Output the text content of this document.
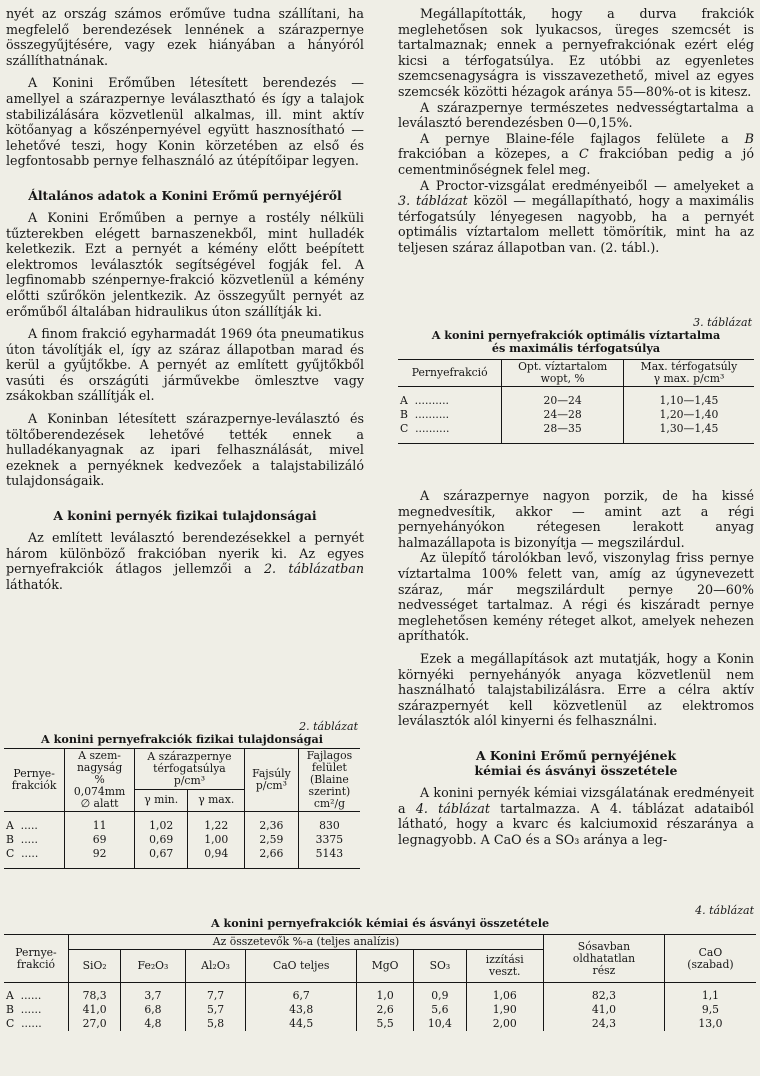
nyét az ország számos erőműve tudna szállítani, ha megfelelő berendezések lennének a szárazpernye összegyűjtésére, vagy ezek hiányában a hányóról szállíthatnának.

A Konini Erőműben létesített berendezés — amellyel a szárazpernye leválasztható és így a talajok stabilizálására közvetlenül alkalmas, ill. mint aktív kötőanyag a kőszénpernyével együtt hasznosítható — lehetővé teszi, hogy Konin körzetében az első és legfontosabb pernye felhasználó az útépítőipar legyen.

Általános adatok a Konini Erőmű pernyéjéről

A Konini Erőműben a pernye a rostély nélküli tűzterekben elégett barnaszenekből, mint hulladék keletkezik. Ezt a pernyét a kémény előtt beépített elektromos leválasztók segítségével fogják fel. A legfinomabb szénpernye-frakció közvetlenül a kémény előtti szűrőkön jelentkezik. Az összegyűlt pernyét az erőműből általában hidraulikus úton szállítják ki.

A finom frakció egyharmadát 1969 óta pneumatikus úton távolítják el, így az száraz állapotban marad és kerül a gyűjtőkbe. A pernyét az említett gyűjtőkből vasúti és országúti járművekbe ömlesztve vagy zsákokban szállítják el.

A Koninban létesített szárazpernye-leválasztó és töltőberendezések lehetővé tették ennek a hulladékanyagnak az ipari felhasználását, mivel ezeknek a pernyéknek kedvezőek a talajstabilizáló tulajdonságaik.

A konini pernyék fizikai tulajdonságai

Az említett leválasztó berendezésekkel a pernyét három különböző frakcióban nyerik ki. Az egyes pernyefrakciók átlagos jellemzői a 2. táblázatban láthatók.

2. táblázat
A konini pernyefrakciók fizikai tulajdonságai
Pernye-
frakciók	A szem-
nagyság
%
0,074mm
∅ alatt	A szárazpernye
térfogatsúlya
p/cm³		Fajsúly
p/cm³	Fajlagos
felület
(Blaine
szerint)
cm²/g

		γ min.	γ max.		
A  .....	11	1,02	1,22	2,36	830
B  .....	69	0,69	1,00	2,59	3375
C  .....	92	0,67	0,94	2,66	5143

Megállapították, hogy a durva frakciók meglehetősen sok lyukacsos, üreges szemcsét is tartalmaznak; ennek a pernyefrakciónak ezért elég kicsi a térfogatsúlya. Ez utóbbi az egyenletes szemcsenagyságra is visszavezethető, mivel az egyes szemcsék közötti hézagok aránya 55—80%-ot is kitesz.

A szárazpernye természetes nedvességtartalma a leválasztó berendezésben 0—0,15%.

A pernye Blaine-féle fajlagos felülete a B frakcióban a közepes, a C frakcióban pedig a jó cementminőségnek felel meg.

A Proctor-vizsgálat eredményeiből — amelyeket a 3. táblázat közöl — megállapítható, hogy a maximális térfogatsúly lényegesen nagyobb, ha a pernyét optimális víztartalom mellett tömörítik, mint ha az teljesen száraz állapotban van. (2. tábl.).

3. táblázat
A konini pernyefrakciók optimális víztartalma
és maximális térfogatsúlya
Pernyefrakció	Opt. víztartalom
wopt, %	Max. térfogatsúly
γ max. p/cm³

A  ..........	20—24	1,10—1,45
B  ..........	24—28	1,20—1,40
C  ..........	28—35	1,30—1,45

A szárazpernye nagyon porzik, de ha kissé megnedvesítik, akkor — amint azt a régi pernyehányókon rétegesen lerakott anyag halmazállapota is bizonyítja — megszilárdul.

Az ülepítő tárolókban levő, viszonylag friss pernye víztartalma 100% felett van, amíg az úgynevezett száraz, már megszilárdult pernye 20—60% nedvességet tartalmaz. A régi és kiszáradt pernye meglehetősen kemény réteget alkot, amelyek nehezen apríthatók.

Ezek a megállapítások azt mutatják, hogy a Konin környéki pernyehányók anyaga közvetlenül nem használható talajstabilizálásra. Erre a célra aktív szárazpernyét kell közvetlenül az elektromos leválasztók alól kinyerni és felhasználni.

A Konini Erőmű pernyéjének
kémiai és ásványi összetétele

A konini pernyék kémiai vizsgálatának eredményeit a 4. táblázat tartalmazza. A 4. táblázat adataiból látható, hogy a kvarc és kalciumoxid részaránya a legnagyobb. A CaO és a SO₃ aránya a leg-

4. táblázat
A konini pernyefrakciók kémiai és ásványi összetétele
Pernye-
frakció	Az összetevők %-a (teljes analízis)							Sósavban
oldhatatlan
rész	CaO
(szabad)

	SiO₂	Fe₂O₃	Al₂O₃	CaO teljes	MgO	SO₃	izzítási
veszt.		

A  ......	78,3	3,7	7,7	6,7	1,0	0,9	1,06	82,3	1,1
B  ......	41,0	6,8	5,7	43,8	2,6	5,6	1,90	41,0	9,5
C  ......	27,0	4,8	5,8	44,5	5,5	10,4	2,00	24,3	13,0
